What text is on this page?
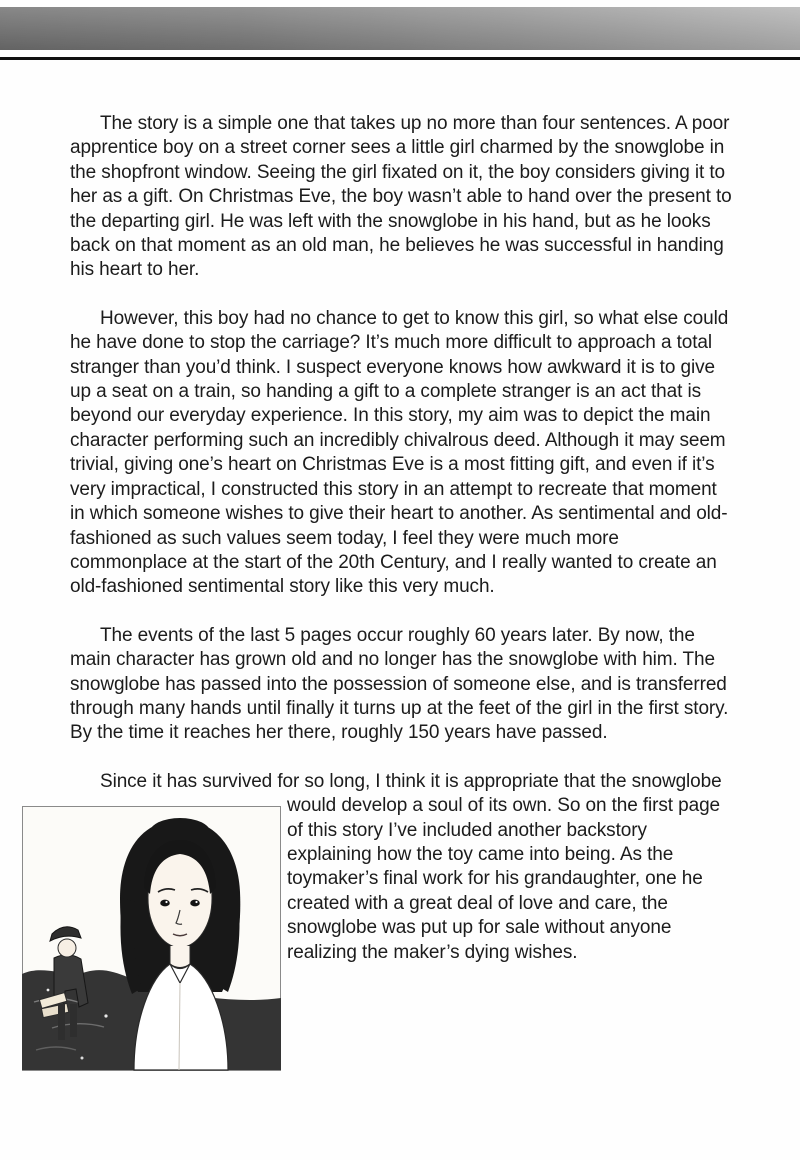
The story is a simple one that takes up no more than four sentences. A poor apprentice boy on a street corner sees a little girl charmed by the snowglobe in the shopfront window. Seeing the girl fixated on it, the boy considers giving it to her as a gift. On Christmas Eve, the boy wasn’t able to hand over the present to the departing girl. He was left with the snowglobe in his hand, but as he looks back on that moment as an old man, he believes he was successful in handing his heart to her.

However, this boy had no chance to get to know this girl, so what else could he have done to stop the carriage? It’s much more difficult to approach a total stranger than you’d think. I suspect everyone knows how awkward it is to give up a seat on a train, so handing a gift to a complete stranger is an act that is beyond our everyday experience. In this story, my aim was to depict the main character performing such an incredibly chivalrous deed. Although it may seem trivial, giving one’s heart on Christmas Eve is a most fitting gift, and even if it’s very impractical, I constructed this story in an attempt to recreate that moment in which someone wishes to give their heart to another. As sentimental and old-fashioned as such values seem today, I feel they were much more commonplace at the start of the 20th Century, and I really wanted to create an old-fashioned sentimental story like this very much.

The events of the last 5 pages occur roughly 60 years later. By now, the main character has grown old and no longer has the snowglobe with him. The snowglobe has passed into the possession of someone else, and is transferred through many hands until finally it turns up at the feet of the girl in the first story. By the time it reaches her there, roughly 150 years have passed.

Since it has survived for so long, I think it is appropriate that the snowglobe would develop a soul of its own. So on the first page of this story I’ve included another backstory explaining how the toy came into being. As the toymaker’s final work for his grandaughter, one he created with a great deal of love and care, the snowglobe was put up for sale without anyone realizing the maker’s dying wishes.
